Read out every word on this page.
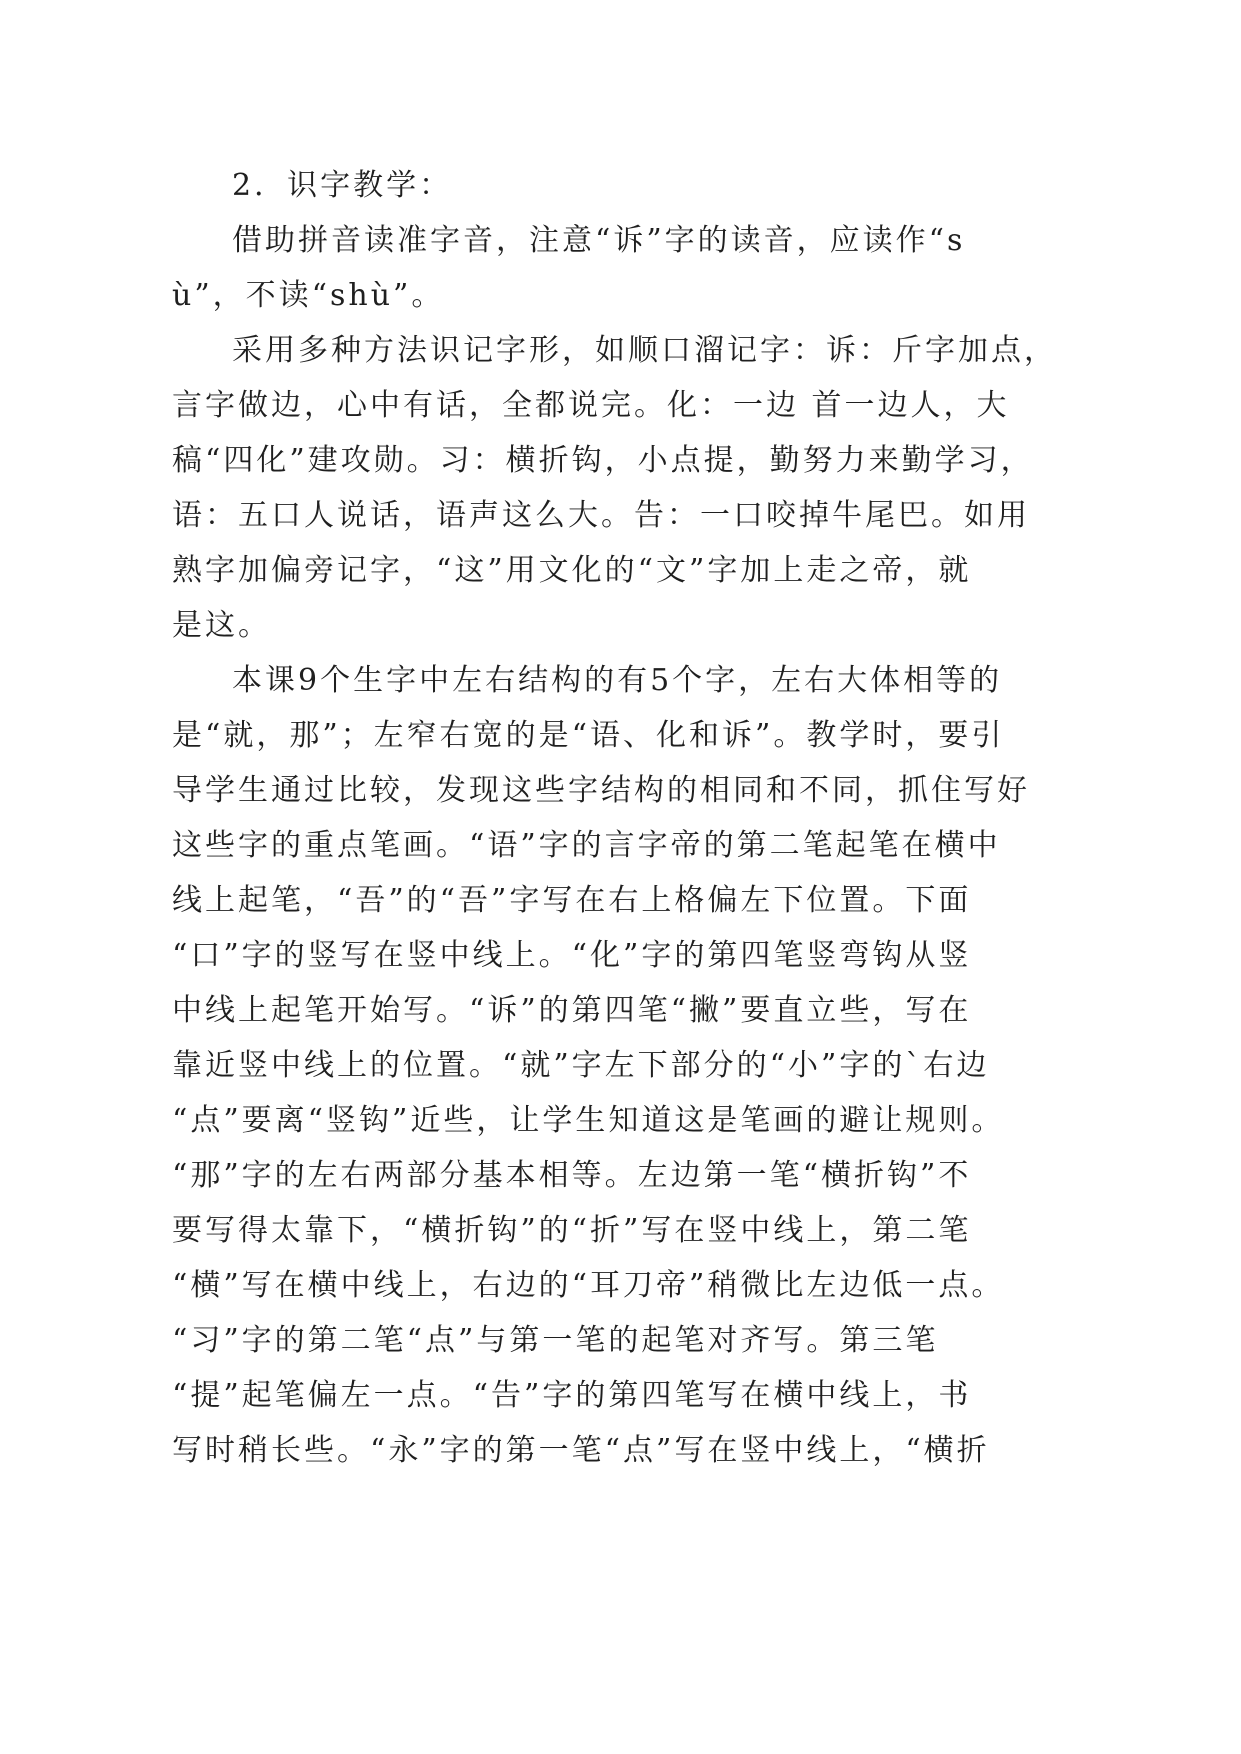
2．识字教学：
借助拼音读准字音，注意“诉”字的读音，应读作“s
ù”，不读“shù”。
采用多种方法识记字形，如顺口溜记字：诉：斤字加点，
言字做边，心中有话，全都说完。化：一边 首一边人，大
稿“四化”建攻勋。习：横折钩，小点提，勤努力来勤学习，
语：五口人说话，语声这么大。告：一口咬掉牛尾巴。如用
熟字加偏旁记字，“这”用文化的“文”字加上走之帝，就
是这。
本课9个生字中左右结构的有5个字，左右大体相等的
是“就，那”；左窄右宽的是“语、化和诉”。教学时，要引
导学生通过比较，发现这些字结构的相同和不同，抓住写好
这些字的重点笔画。“语”字的言字帝的第二笔起笔在横中
线上起笔，“吾”的“吾”字写在右上格偏左下位置。下面
“口”字的竖写在竖中线上。“化”字的第四笔竖弯钩从竖
中线上起笔开始写。“诉”的第四笔“撇”要直立些，写在
靠近竖中线上的位置。“就”字左下部分的“小”字的`右边
“点”要离“竖钩”近些，让学生知道这是笔画的避让规则。
“那”字的左右两部分基本相等。左边第一笔“横折钩”不
要写得太靠下，“横折钩”的“折”写在竖中线上，第二笔
“横”写在横中线上，右边的“耳刀帝”稍微比左边低一点。
“习”字的第二笔“点”与第一笔的起笔对齐写。第三笔
“提”起笔偏左一点。“告”字的第四笔写在横中线上，书
写时稍长些。“永”字的第一笔“点”写在竖中线上，“横折
